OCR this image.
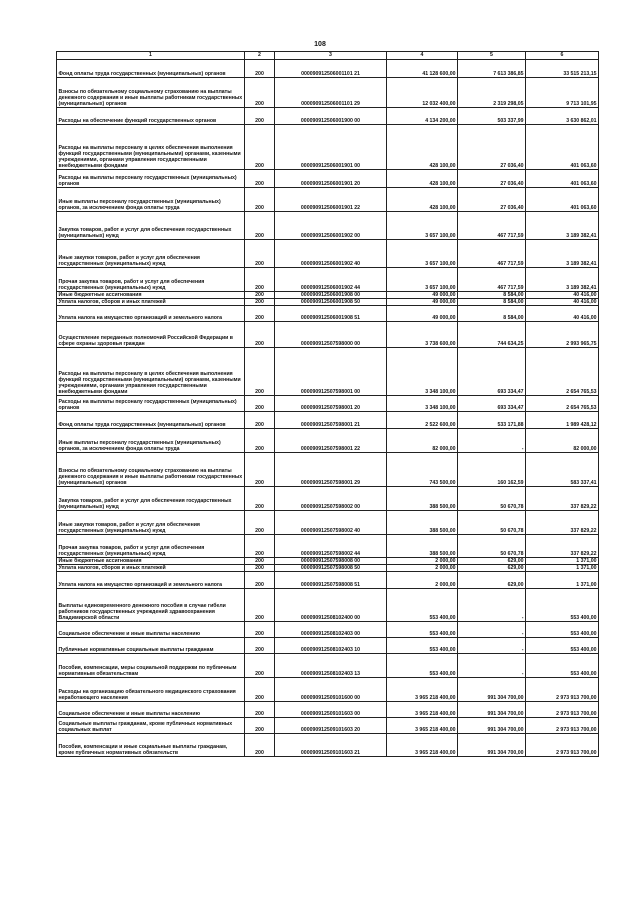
108
1	2	3	4	5	6
Фонд оплаты труда государственных (муниципальных) органов	200	000090912506001101 21	41 128 600,00	7 613 386,85	33 515 213,15
Взносы по обязательному социальному страхованию на выплаты денежного содержания и иные выплаты работникам государственных (муниципальных) органов	200	000090912506001101 29	12 032 400,00	2 319 298,05	9 713 101,95
Расходы на обеспечение функций государственных органов	200	000090912506001900 00	4 134 200,00	503 337,99	3 630 862,01
Расходы на выплаты персоналу в целях обеспечения выполнения функций государственными (муниципальными) органами, казенными учреждениями, органами управления государственными внебюджетными фондами	200	000090912506001901 00	428 100,00	27 036,40	401 063,60
Расходы на выплаты персоналу государственных (муниципальных) органов	200	000090912506001901 20	428 100,00	27 036,40	401 063,60
Иные выплаты персоналу государственных (муниципальных) органов, за исключением фонда оплаты труда	200	000090912506001901 22	428 100,00	27 036,40	401 063,60
Закупка товаров, работ и услуг для обеспечения государственных (муниципальных) нужд	200	000090912506001902 00	3 657 100,00	467 717,59	3 189 382,41
Иные закупки товаров, работ и услуг для обеспечения государственных (муниципальных) нужд	200	000090912506001902 40	3 657 100,00	467 717,59	3 189 382,41
Прочая закупка товаров, работ и услуг для обеспечения государственных (муниципальных) нужд	200	000090912506001902 44	3 657 100,00	467 717,59	3 189 382,41
Иные бюджетные ассигнования	200	000090912506001908 00	49 000,00	8 584,00	40 416,00
Уплата налогов, сборов и иных платежей	200	000090912506001908 50	49 000,00	8 584,00	40 416,00
Уплата налога на имущество организаций и земельного налога	200	000090912506001908 51	49 000,00	8 584,00	40 416,00
Осуществление переданных полномочий Российской Федерации в сфере охраны здоровья граждан	200	000090912507598000 00	3 738 600,00	744 634,25	2 993 965,75
Расходы на выплаты персоналу в целях обеспечения выполнения функций государственными (муниципальными) органами, казенными учреждениями, органами управления государственными внебюджетными фондами	200	000090912507598001 00	3 348 100,00	693 334,47	2 654 765,53
Расходы на выплаты персоналу государственных (муниципальных) органов	200	000090912507598001 20	3 348 100,00	693 334,47	2 654 765,53
Фонд оплаты труда государственных (муниципальных) органов	200	000090912507598001 21	2 522 600,00	533 171,88	1 989 428,12
Иные выплаты персоналу государственных (муниципальных) органов, за исключением фонда оплаты труда	200	000090912507598001 22	82 000,00	-	82 000,00
Взносы по обязательному социальному страхованию на выплаты денежного содержания и иные выплаты работникам государственных (муниципальных) органов	200	000090912507598001 29	743 500,00	160 162,59	583 337,41
Закупка товаров, работ и услуг для обеспечения государственных (муниципальных) нужд	200	000090912507598002 00	388 500,00	50 670,78	337 829,22
Иные закупки товаров, работ и услуг для обеспечения государственных (муниципальных) нужд	200	000090912507598002 40	388 500,00	50 670,78	337 829,22
Прочая закупка товаров, работ и услуг для обеспечения государственных (муниципальных) нужд	200	000090912507598002 44	388 500,00	50 670,78	337 829,22
Иные бюджетные ассигнования	200	000090912507598008 00	2 000,00	629,00	1 371,00
Уплата налогов, сборов и иных платежей	200	000090912507598008 50	2 000,00	629,00	1 371,00
Уплата налога на имущество организаций и земельного налога	200	000090912507598008 51	2 000,00	629,00	1 371,00
Выплаты единовременного денежного пособия в случае гибели работников государственных учреждений здравоохранения Владимирской области	200	000090912508102400 00	553 400,00	-	553 400,00
Социальное обеспечение и иные выплаты населению	200	000090912508102403 00	553 400,00	-	553 400,00
Публичные нормативные социальные выплаты гражданам	200	000090912508102403 10	553 400,00	-	553 400,00
Пособия, компенсации, меры социальной поддержки по публичным нормативным обязательствам	200	000090912508102403 13	553 400,00	-	553 400,00
Расходы на организацию обязательного медицинского страхования неработающего населения	200	000090912509101600 00	3 965 218 400,00	991 304 700,00	2 973 913 700,00
Социальное обеспечение и иные выплаты населению	200	000090912509101603 00	3 965 218 400,00	991 304 700,00	2 973 913 700,00
Социальные выплаты гражданам, кроме публичных нормативных социальных выплат	200	000090912509101603 20	3 965 218 400,00	991 304 700,00	2 973 913 700,00
Пособия, компенсации и иные социальные выплаты гражданам, кроме публичных нормативных обязательств	200	000090912509101603 21	3 965 218 400,00	991 304 700,00	2 973 913 700,00
